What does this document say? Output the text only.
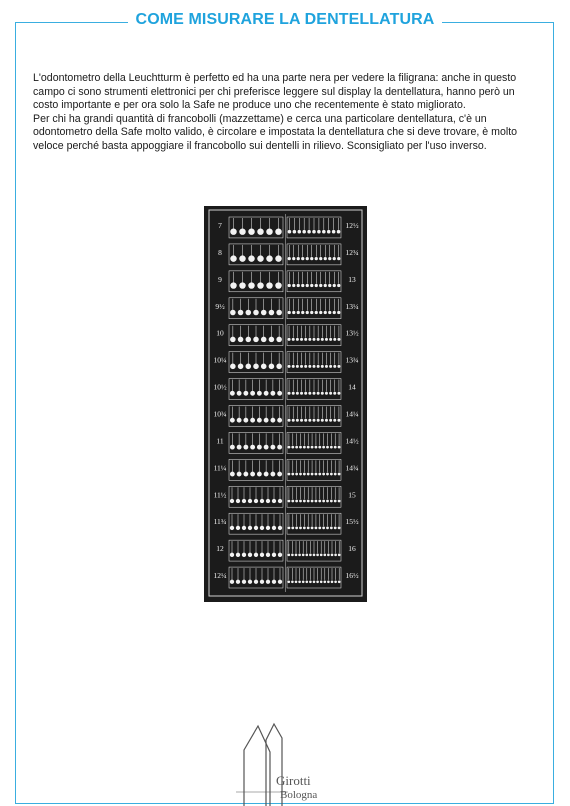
COME MISURARE LA DENTELLATURA

L'odontometro della Leuchtturm è perfetto ed ha una parte nera per vedere la filigrana: anche in questo campo ci sono strumenti elettronici per chi preferisce leggere sul display la dentellatura, hanno però un costo importante e per ora solo la Safe ne produce uno che recentemente è stato migliorato.

Per chi ha grandi quantità di francobolli (mazzettame) e cerca una particolare dentellatura, c'è un odontometro della Safe molto valido, è circolare e impostata la dentellatura che si deve trovare, è molto veloce perché basta appoggiare il francobollo sui dentelli in rilievo. Sconsigliato per l'uso inverso.

7	12½
8	12¾
9	13
9½	13¼
10	13½
10¼	13¾
10½	14
10¾	14¼
11	14½
11¼	14¾
11½	15
11¾	15½
12	16
12¼	16½
Girotti
Bologna
